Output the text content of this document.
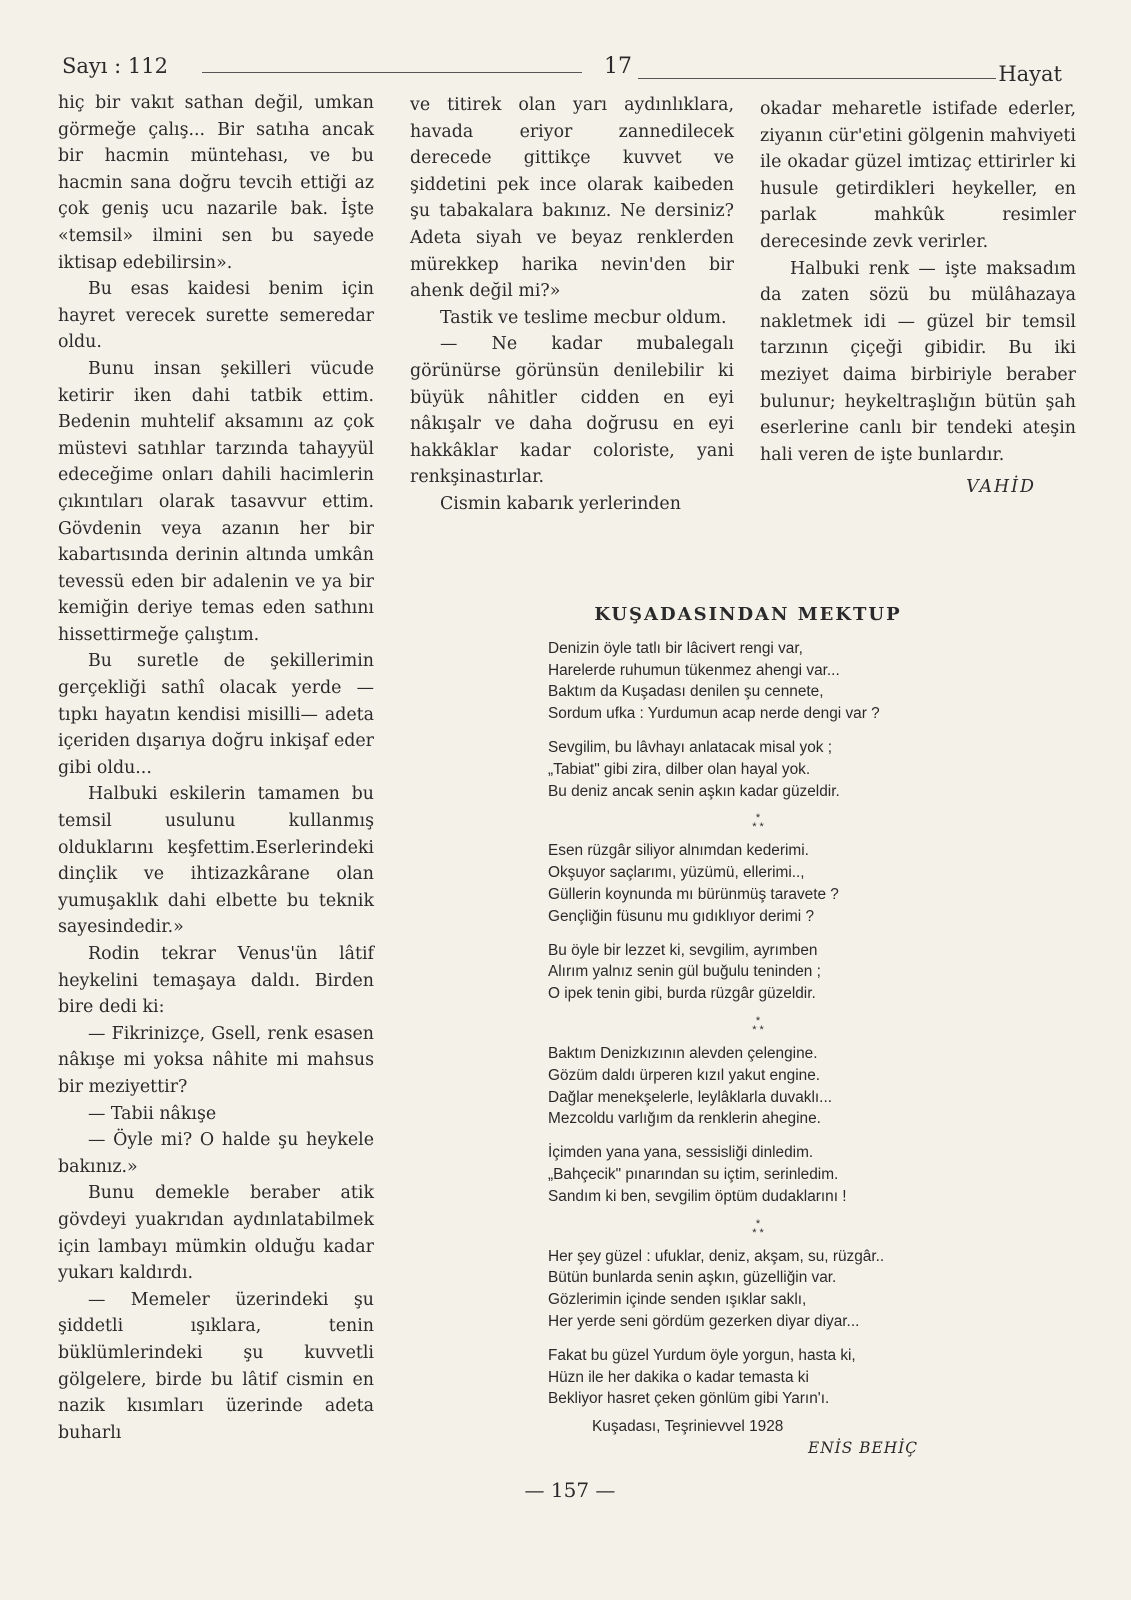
Sayı : 112	17	Hayat

hiç bir vakıt sathan değil, umkan görmeğe çalış... Bir satıha ancak bir hacmin müntehası, ve bu hacmin sana doğru tevcih ettiği az çok geniş ucu nazarile bak. İşte «temsil» ilmini sen bu sayede iktisap edebilirsin».

Bu esas kaidesi benim için hayret verecek surette semeredar oldu.

Bunu insan şekilleri vücude ketirir iken dahi tatbik ettim. Bedenin muhtelif aksamını az çok müstevi satıhlar tarzında tahayyül edeceğime onları dahili hacimlerin çıkıntıları olarak tasavvur ettim. Gövdenin veya azanın her bir kabartısında derinin altında umkân tevessü eden bir adalenin ve ya bir kemiğin deriye temas eden sathını hissettirmeğe çalıştım.

Bu suretle de şekillerimin gerçekliği sathî olacak yerde —tıpkı hayatın kendisi misilli— adeta içeriden dışarıya doğru inkişaf eder gibi oldu...

Halbuki eskilerin tamamen bu temsil usulunu kullanmış olduklarını keşfettim.Eserlerindeki dinçlik ve ihtizazkârane olan yumuşaklık dahi elbette bu teknik sayesindedir.»

Rodin tekrar Venus'ün lâtif heykelini temaşaya daldı. Birden bire dedi ki:

— Fikrinizçe, Gsell, renk esasen nâkışe mi yoksa nâhite mi mahsus bir meziyettir?

— Tabii nâkışe

— Öyle mi? O halde şu heykele bakınız.»

Bunu demekle beraber atik gövdeyi yuakrıdan aydınlatabilmek için lambayı mümkin olduğu kadar yukarı kaldırdı.

— Memeler üzerindeki şu şiddetli ışıklara, tenin büklümlerindeki şu kuvvetli gölgelere, birde bu lâtif cismin en nazik kısımları üzerinde adeta buharlı

ve titirek olan yarı aydınlıklara, havada eriyor zannedilecek derecede gittikçe kuvvet ve şiddetini pek ince olarak kaibeden şu tabakalara bakınız. Ne dersiniz? Adeta siyah ve beyaz renklerden mürekkep harika nevin'den bir ahenk değil mi?»

Tastik ve teslime mecbur oldum.

— Ne kadar mubalegalı görünürse görünsün denilebilir ki büyük nâhitler cidden en eyi nâkışalr ve daha doğrusu en eyi hakkâklar kadar coloriste, yani renkşinastırlar.

Cismin kabarık yerlerinden

okadar meharetle istifade ederler, ziyanın cür'etini gölgenin mahviyeti ile okadar güzel imtizaç ettirirler ki husule getirdikleri heykeller, en parlak mahkûk resimler derecesinde zevk verirler.

Halbuki renk — işte maksadım da zaten sözü bu mülâhazaya nakletmek idi — güzel bir temsil tarzının çiçeği gibidir. Bu iki meziyet daima birbiriyle beraber bulunur; heykeltraşlığın bütün şah eserlerine canlı bir tendeki ateşin hali veren de işte bunlardır.

VAHİD
KUŞADASINDAN MEKTUP
Denizin öyle tatlı bir lâcivert rengi var,
Harelerde ruhumun tükenmez ahengi var...
Baktım da Kuşadası denilen şu cennete,
Sordum ufka : Yurdumun acap nerde dengi var ?
Sevgilim, bu lâvhayı anlatacak misal yok ;
„Tabiat" gibi zira, dilber olan hayal yok.
Bu deniz ancak senin aşkın kadar güzeldir.
*
* *
Esen rüzgâr siliyor alnımdan kederimi.
Okşuyor saçlarımı, yüzümü, ellerimi..,
Güllerin koynunda mı bürünmüş taravete ?
Gençliğin füsunu mu gıdıklıyor derimi ?
Bu öyle bir lezzet ki, sevgilim, ayrımben
Alırım yalnız senin gül buğulu teninden ;
O ipek tenin gibi, burda rüzgâr güzeldir.
*
* *
Baktım Denizkızının alevden çelengine.
Gözüm daldı ürperen kızıl yakut engine.
Dağlar menekşelerle, leylâklarla duvaklı...
Mezcoldu varlığım da renklerin ahegine.
İçimden yana yana, sessisliği dinledim.
„Bahçecik" pınarından su içtim, serinledim.
Sandım ki ben, sevgilim öptüm dudaklarını !
*
* *
Her şey güzel : ufuklar, deniz, akşam, su, rüzgâr..
Bütün bunlarda senin aşkın, güzelliğin var.
Gözlerimin içinde senden ışıklar saklı,
Her yerde seni gördüm gezerken diyar diyar...
Fakat bu güzel Yurdum öyle yorgun, hasta ki,
Hüzn ile her dakika o kadar temasta ki
Bekliyor hasret çeken gönlüm gibi Yarın'ı.
Kuşadası, Teşrinievvel 1928
ENİS BEHİÇ
— 157 —
